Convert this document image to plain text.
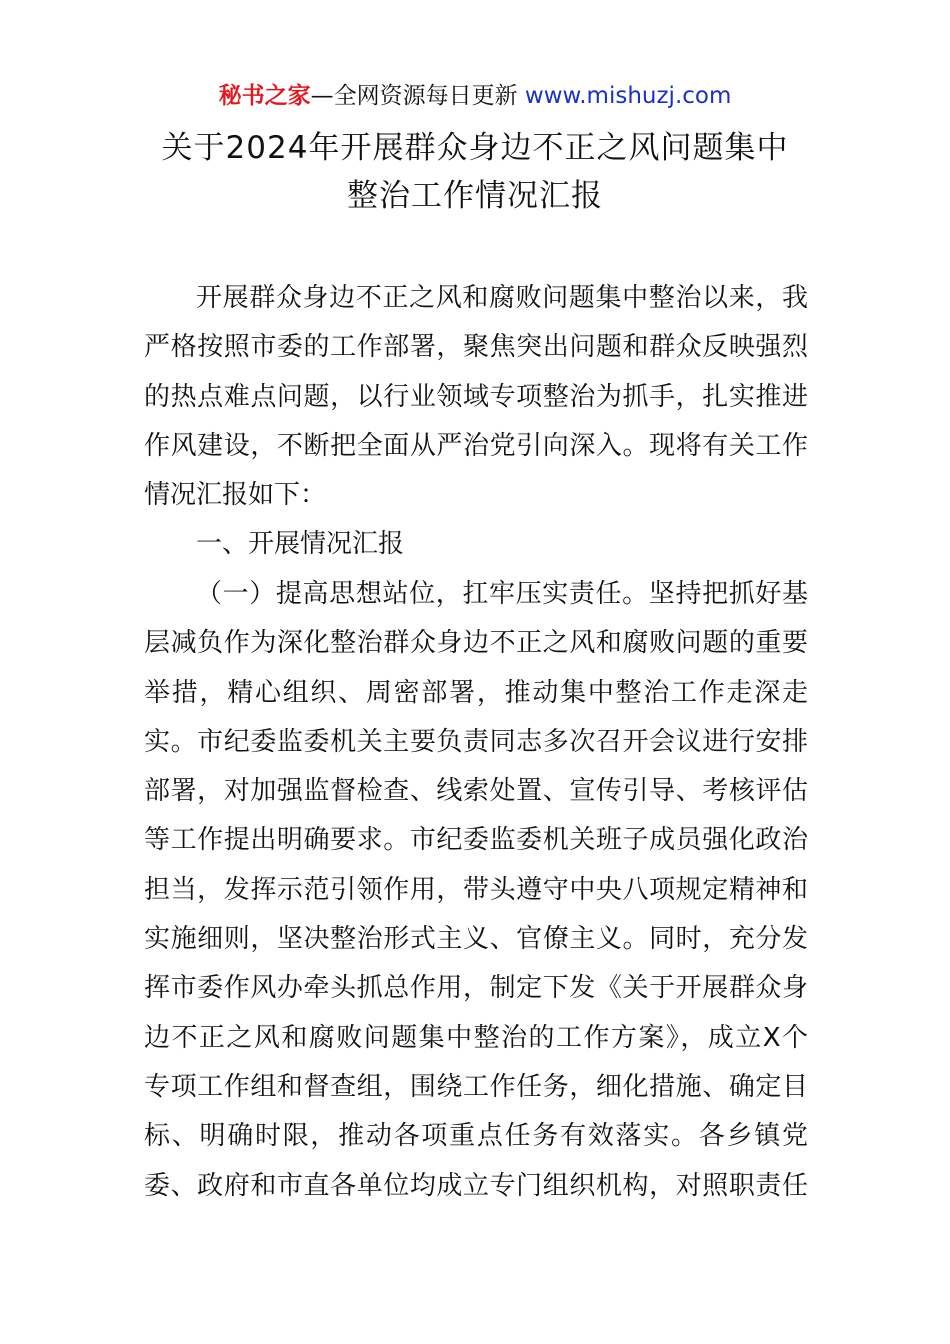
秘书之家—全网资源每日更新 www.mishuzj.com
关于2024年开展群众身边不正之风问题集中
整治工作情况汇报
开展群众身边不正之风和腐败问题集中整治以来，我
严格按照市委的工作部署，聚焦突出问题和群众反映强烈
的热点难点问题，以行业领域专项整治为抓手，扎实推进
作风建设，不断把全面从严治党引向深入。现将有关工作
情况汇报如下：
一、开展情况汇报
（一）提高思想站位，扛牢压实责任。坚持把抓好基
层减负作为深化整治群众身边不正之风和腐败问题的重要
举措，精心组织、周密部署，推动集中整治工作走深走
实。市纪委监委机关主要负责同志多次召开会议进行安排
部署，对加强监督检查、线索处置、宣传引导、考核评估
等工作提出明确要求。市纪委监委机关班子成员强化政治
担当，发挥示范引领作用，带头遵守中央八项规定精神和
实施细则，坚决整治形式主义、官僚主义。同时，充分发
挥市委作风办牵头抓总作用，制定下发《关于开展群众身
边不正之风和腐败问题集中整治的工作方案》，成立X个
专项工作组和督查组，围绕工作任务，细化措施、确定目
标、明确时限，推动各项重点任务有效落实。各乡镇党
委、政府和市直各单位均成立专门组织机构，对照职责任
